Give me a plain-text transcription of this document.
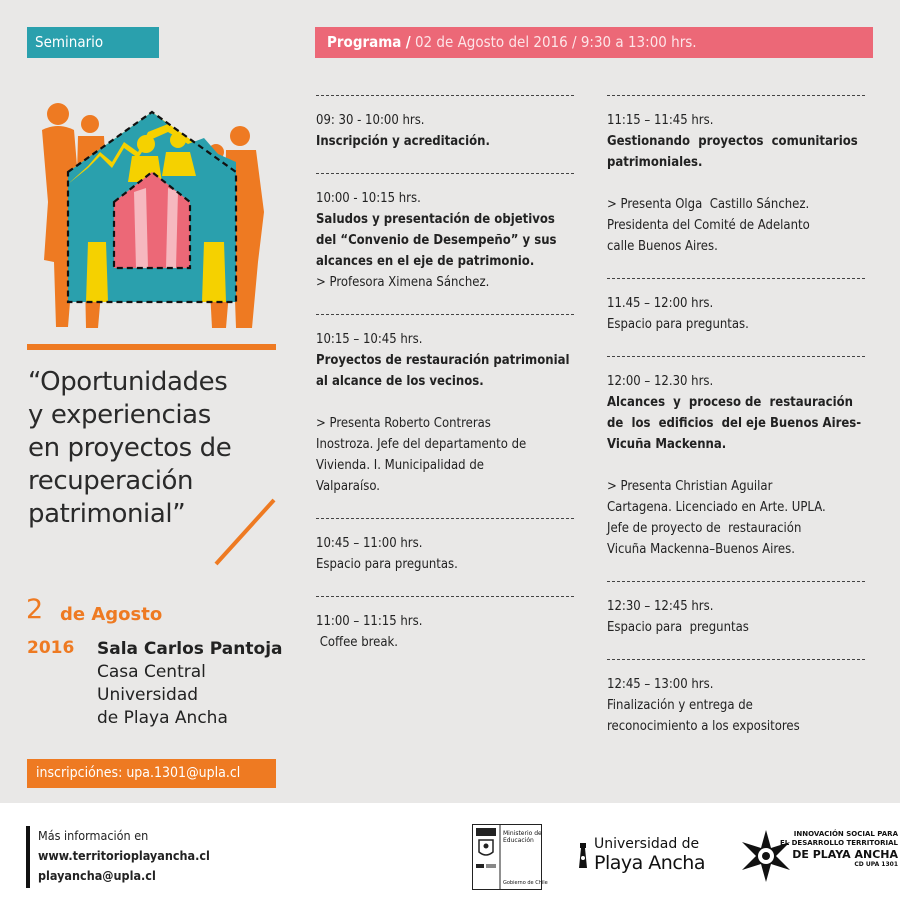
Seminario	Programa / 02 de Agosto del 2016 / 9:30 a 13:00 hrs.
“Oportunidades
y experiencias
en proyectos de
recuperación
patrimonial”
2 de Agosto
2016 Sala Carlos Pantoja
Casa Central
Universidad
de Playa Ancha
inscripciónes: upa.1301@upla.cl

09: 30 - 10:00 hrs.

Inscripción y acreditación.

10:00 - 10:15 hrs.

Saludos y presentación de objetivos

del “Convenio de Desempeño” y sus

alcances en el eje de patrimonio.

> Profesora Ximena Sánchez.

10:15 – 10:45 hrs.

Proyectos de restauración patrimonial

al alcance de los vecinos.

> Presenta Roberto Contreras

Inostroza. Jefe del departamento de

Vivienda. I. Municipalidad de

Valparaíso.

10:45 – 11:00 hrs.

Espacio para preguntas.

11:00 – 11:15 hrs.

Coffee break.

11:15 – 11:45 hrs.

Gestionando  proyectos  comunitarios

patrimoniales.

> Presenta Olga  Castillo Sánchez.

Presidenta del Comité de Adelanto

calle Buenos Aires.

11.45 – 12:00 hrs.

Espacio para preguntas.

12:00 – 12.30 hrs.

Alcances  y  proceso de  restauración

de  los  edificios  del eje Buenos Aires-

Vicuña Mackenna.

> Presenta Christian Aguilar

Cartagena. Licenciado en Arte. UPLA.

Jefe de proyecto de  restauración

Vicuña Mackenna–Buenos Aires.

12:30 – 12:45 hrs.

Espacio para  preguntas

12:45 – 13:00 hrs.

Finalización y entrega de

reconocimiento a los expositores

Más información en
www.territorioplayancha.cl
playancha@upla.cl
Ministerio de
Educación
Gobierno de Chile
Universidad de
Playa Ancha
INNOVACIÓN SOCIAL PARA
EL DESARROLLO TERRITORIAL
DE PLAYA ANCHA
CD UPA 1301
